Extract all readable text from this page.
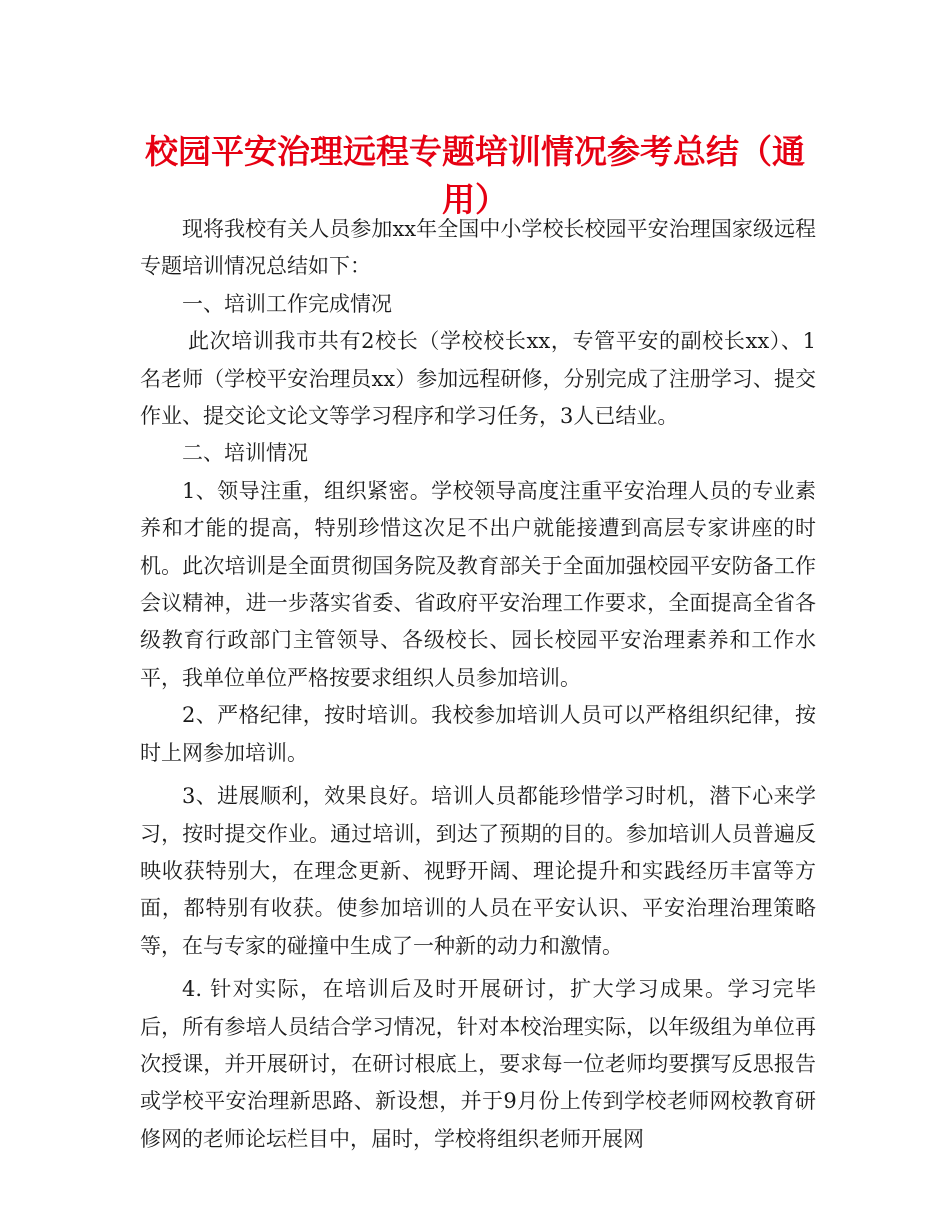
校园平安治理远程专题培训情况参考总结（通用）

现将我校有关人员参加xx年全国中小学校长校园平安治理国家级远程专题培训情况总结如下：

一、培训工作完成情况

此次培训我市共有2校长（学校校长xx，专管平安的副校长xx）、1名老师（学校平安治理员xx）参加远程研修，分别完成了注册学习、提交作业、提交论文论文等学习程序和学习任务，3人已结业。

二、培训情况

1、领导注重，组织紧密。学校领导高度注重平安治理人员的专业素养和才能的提高，特别珍惜这次足不出户就能接遭到高层专家讲座的时机。此次培训是全面贯彻国务院及教育部关于全面加强校园平安防备工作会议精神，进一步落实省委、省政府平安治理工作要求，全面提高全省各级教育行政部门主管领导、各级校长、园长校园平安治理素养和工作水平，我单位单位严格按要求组织人员参加培训。

2、严格纪律，按时培训。我校参加培训人员可以严格组织纪律，按时上网参加培训。

3、进展顺利，效果良好。培训人员都能珍惜学习时机，潜下心来学习，按时提交作业。通过培训，到达了预期的目的。参加培训人员普遍反映收获特别大，在理念更新、视野开阔、理论提升和实践经历丰富等方面，都特别有收获。使参加培训的人员在平安认识、平安治理治理策略等，在与专家的碰撞中生成了一种新的动力和激情。

4. 针对实际，在培训后及时开展研讨，扩大学习成果。学习完毕后，所有参培人员结合学习情况，针对本校治理实际，以年级组为单位再次授课，并开展研讨，在研讨根底上，要求每一位老师均要撰写反思报告或学校平安治理新思路、新设想，并于9月份上传到学校老师网校教育研修网的老师论坛栏目中，届时，学校将组织老师开展网
